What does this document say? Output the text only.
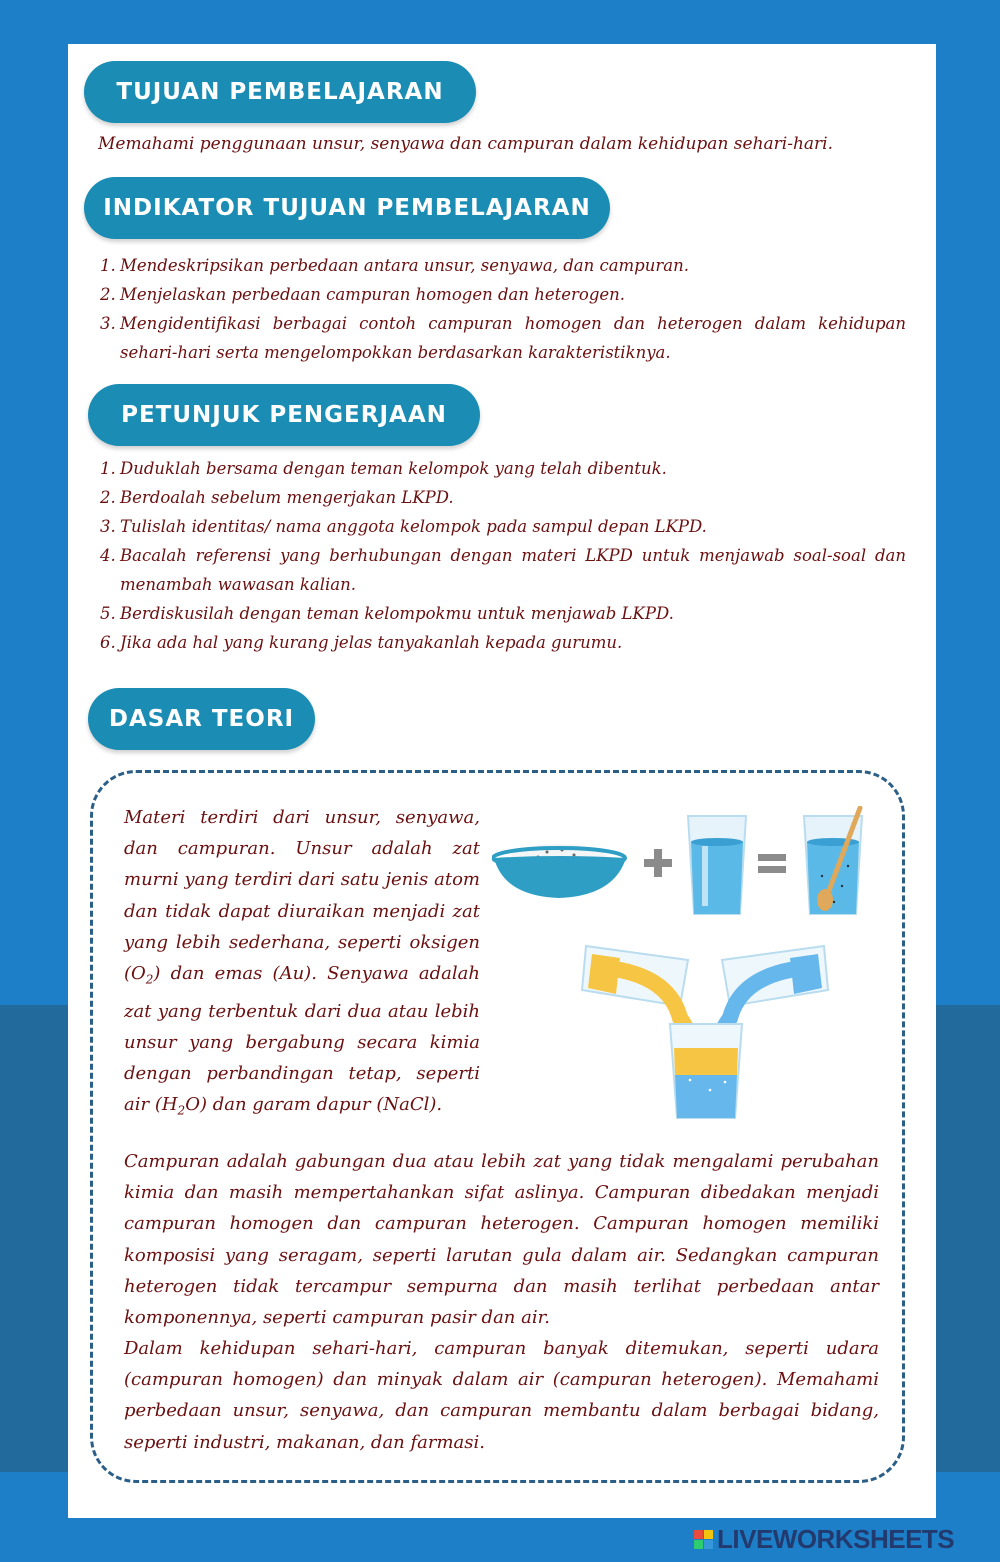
TUJUAN PEMBELAJARAN
Memahami penggunaan unsur, senyawa dan campuran dalam kehidupan sehari-hari.
INDIKATOR TUJUAN PEMBELAJARAN
1. Mendeskripsikan perbedaan antara unsur, senyawa, dan campuran.
2. Menjelaskan perbedaan campuran homogen dan heterogen.
3. Mengidentifikasi berbagai contoh campuran homogen dan heterogen dalam kehidupan sehari-hari serta mengelompokkan berdasarkan karakteristiknya.
PETUNJUK PENGERJAAN
1. Duduklah bersama dengan teman kelompok yang telah dibentuk.
2. Berdoalah sebelum mengerjakan LKPD.
3. Tulislah identitas/ nama anggota kelompok pada sampul depan LKPD.
4. Bacalah referensi yang berhubungan dengan materi LKPD untuk menjawab soal-soal dan menambah wawasan kalian.
5. Berdiskusilah dengan teman kelompokmu untuk menjawab LKPD.
6. Jika ada hal yang kurang jelas tanyakanlah kepada gurumu.
DASAR TEORI
Materi terdiri dari unsur, senyawa, dan campuran. Unsur adalah zat murni yang terdiri dari satu jenis atom dan tidak dapat diuraikan menjadi zat yang lebih sederhana, seperti oksigen $(O_2)$ dan emas (Au). Senyawa adalah zat yang terbentuk dari dua atau lebih unsur yang bergabung secara kimia dengan perbandingan tetap, seperti air $(H_2O)$ dan garam dapur (NaCl).
Campuran adalah gabungan dua atau lebih zat yang tidak mengalami perubahan kimia dan masih mempertahankan sifat aslinya. Campuran dibedakan menjadi campuran homogen dan campuran heterogen. Campuran homogen memiliki komposisi yang seragam, seperti larutan gula dalam air. Sedangkan campuran heterogen tidak tercampur sempurna dan masih terlihat perbedaan antar komponennya, seperti campuran pasir dan air.
Dalam kehidupan sehari-hari, campuran banyak ditemukan, seperti udara (campuran homogen) dan minyak dalam air (campuran heterogen). Memahami perbedaan unsur, senyawa, dan campuran membantu dalam berbagai bidang, seperti industri, makanan, dan farmasi.
LIVEWORKSHEETS
